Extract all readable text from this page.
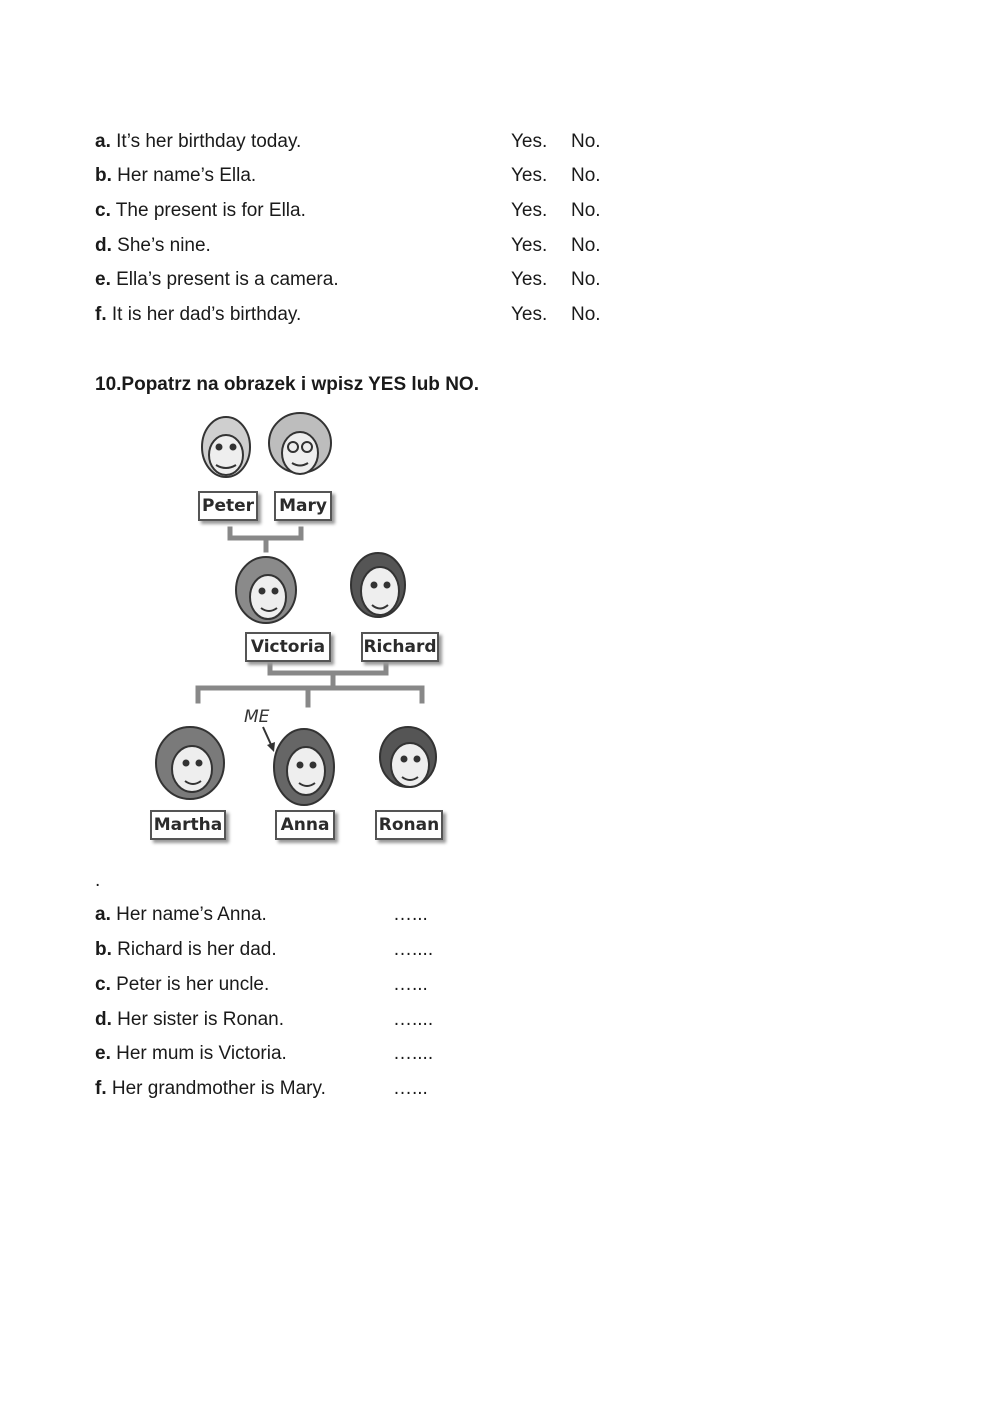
a. It’s her birthday today.	Yes. No.
b. Her name’s Ella.	Yes. No.
c. The present is for Ella.	Yes. No.
d. She’s nine.	Yes. No.
e. Ella’s present is a camera.	Yes. No.
f. It is her dad’s birthday.	Yes. No.
10.Popatrz na obrazek i wpisz YES lub NO.
Peter Mary
Victoria	Richard
Martha	Anna	Ronan
ME
.
a. Her name’s Anna.	…...
b. Richard is her dad.	…....
c. Peter is her uncle.	…...
d. Her sister is Ronan.	…....
e. Her mum is Victoria.	…....
f. Her grandmother is Mary.	…...
